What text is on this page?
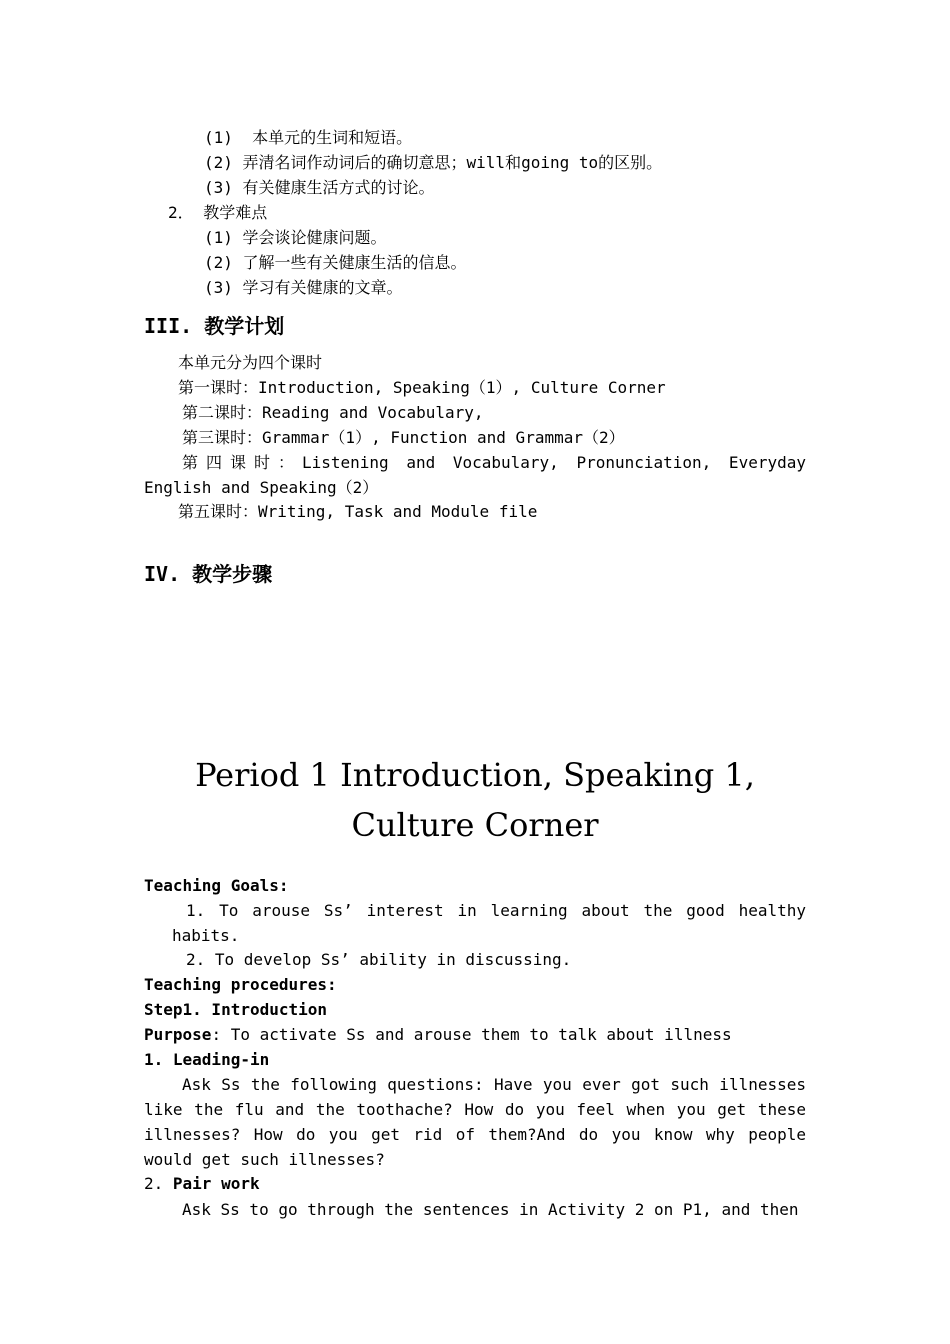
(1)  本单元的生词和短语。
(2) 弄清名词作动词后的确切意思；will和going to的区别。
(3) 有关健康生活方式的讨论。
2． 教学难点
(1) 学会谈论健康问题。
(2) 了解一些有关健康生活的信息。
(3) 学习有关健康的文章。
III. 教学计划
本单元分为四个课时
第一课时：Introduction, Speaking（1）, Culture Corner
第二课时：Reading and Vocabulary,
第三课时：Grammar（1）, Function and Grammar（2）
第四课时：Listening and Vocabulary, Pronunciation, Everyday English and Speaking（2）
第五课时：Writing, Task and Module file
IV. 教学步骤
Period 1 Introduction, Speaking 1,
Culture Corner
Teaching Goals:
1. To arouse Ss’ interest in learning about the good healthy habits.
2. To develop Ss’ ability in discussing.
Teaching procedures:
Step1. Introduction
Purpose: To activate Ss and arouse them to talk about illness
1. Leading-in
Ask Ss the following questions: Have you ever got such illnesses like the flu and the toothache? How do you feel when you get these illnesses? How do you get rid of them?And do you know why people would get such illnesses?
2. Pair work
Ask Ss to go through the sentences in Activity 2 on P1, and then
